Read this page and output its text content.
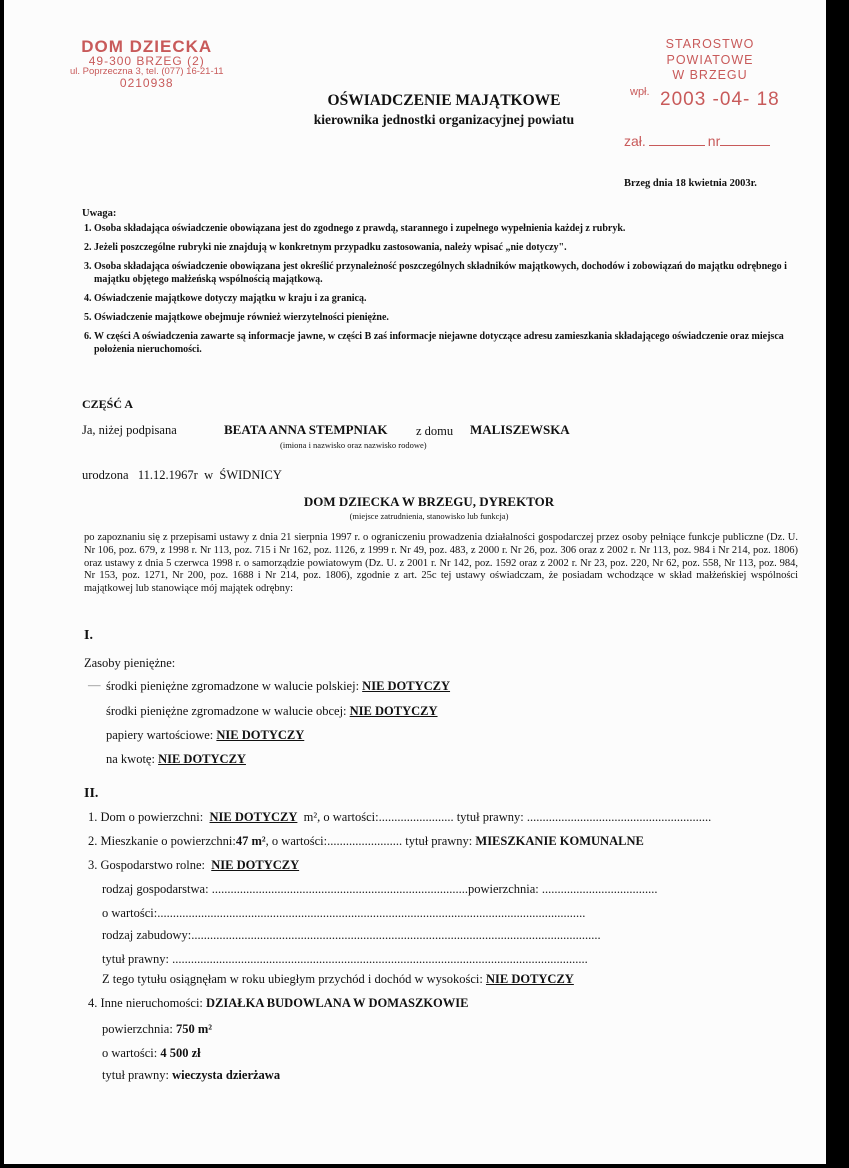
DOM DZIECKA
49-300 BRZEG (2)
ul. Poprzeczna 3, tel. (077) 16-21-11
0210938
STAROSTWO POWIATOWE
W BRZEGU
wpł. 2003 -04- 18
zał.	nr
OŚWIADCZENIE MAJĄTKOWE
kierownika jednostki organizacyjnej powiatu
Brzeg dnia 18 kwietnia 2003r.
Uwaga:
1. Osoba składająca oświadczenie obowiązana jest do zgodnego z prawdą, starannego i zupełnego wypełnienia każdej z rubryk.
2. Jeżeli poszczególne rubryki nie znajdują w konkretnym przypadku zastosowania, należy wpisać „nie dotyczy".
3. Osoba składająca oświadczenie obowiązana jest określić przynależność poszczególnych składników majątkowych, dochodów i zobowiązań do majątku odrębnego i majątku objętego małżeńską wspólnością majątkową.
4. Oświadczenie majątkowe dotyczy majątku w kraju i za granicą.
5. Oświadczenie majątkowe obejmuje również wierzytelności pieniężne.
6. W części A oświadczenia zawarte są informacje jawne, w części B zaś informacje niejawne dotyczące adresu zamieszkania składającego oświadczenie oraz miejsca położenia nieruchomości.
CZĘŚĆ A
Ja, niżej podpisana	BEATA ANNA STEMPNIAK z domu MALISZEWSKA
(imiona i nazwisko oraz nazwisko rodowe)
urodzona 11.12.1967r w ŚWIDNICY
DOM DZIECKA W BRZEGU, DYREKTOR
(miejsce zatrudnienia, stanowisko lub funkcja)
po zapoznaniu się z przepisami ustawy z dnia 21 sierpnia 1997 r. o ograniczeniu prowadzenia działalności gospodarczej przez osoby pełniące funkcje publiczne (Dz. U. Nr 106, poz. 679, z 1998 r. Nr 113, poz. 715 i Nr 162, poz. 1126, z 1999 r. Nr 49, poz. 483, z 2000 r. Nr 26, poz. 306 oraz z 2002 r. Nr 113, poz. 984 i Nr 214, poz. 1806) oraz ustawy z dnia 5 czerwca 1998 r. o samorządzie powiatowym (Dz. U. z 2001 r. Nr 142, poz. 1592 oraz z 2002 r. Nr 23, poz. 220, Nr 62, poz. 558, Nr 113, poz. 984, Nr 153, poz. 1271, Nr 200, poz. 1688 i Nr 214, poz. 1806), zgodnie z art. 25c tej ustawy oświadczam, że posiadam wchodzące w skład małżeńskiej wspólności majątkowej lub stanowiące mój majątek odrębny:
I.
Zasoby pieniężne:
— środki pieniężne zgromadzone w walucie polskiej: NIE DOTYCZY
środki pieniężne zgromadzone w walucie obcej: NIE DOTYCZY
papiery wartościowe: NIE DOTYCZY
na kwotę: NIE DOTYCZY
II.
1. Dom o powierzchni: NIE DOTYCZY m², o wartości:........................ tytuł prawny: ...........................................................
2. Mieszkanie o powierzchni:47 m², o wartości:........................ tytuł prawny: MIESZKANIE KOMUNALNE
3. Gospodarstwo rolne: NIE DOTYCZY
rodzaj gospodarstwa: ..................................................................................powierzchnia: .....................................
o wartości:.........................................................................................................................................
rodzaj zabudowy:...................................................................................................................................
tytuł prawny: .....................................................................................................................................
Z tego tytułu osiągnęłam w roku ubiegłym przychód i dochód w wysokości: NIE DOTYCZY
4. Inne nieruchomości: DZIAŁKA BUDOWLANA W DOMASZKOWIE
powierzchnia: 750 m²
o wartości: 4 500 zł
tytuł prawny: wieczysta dzierżawa
